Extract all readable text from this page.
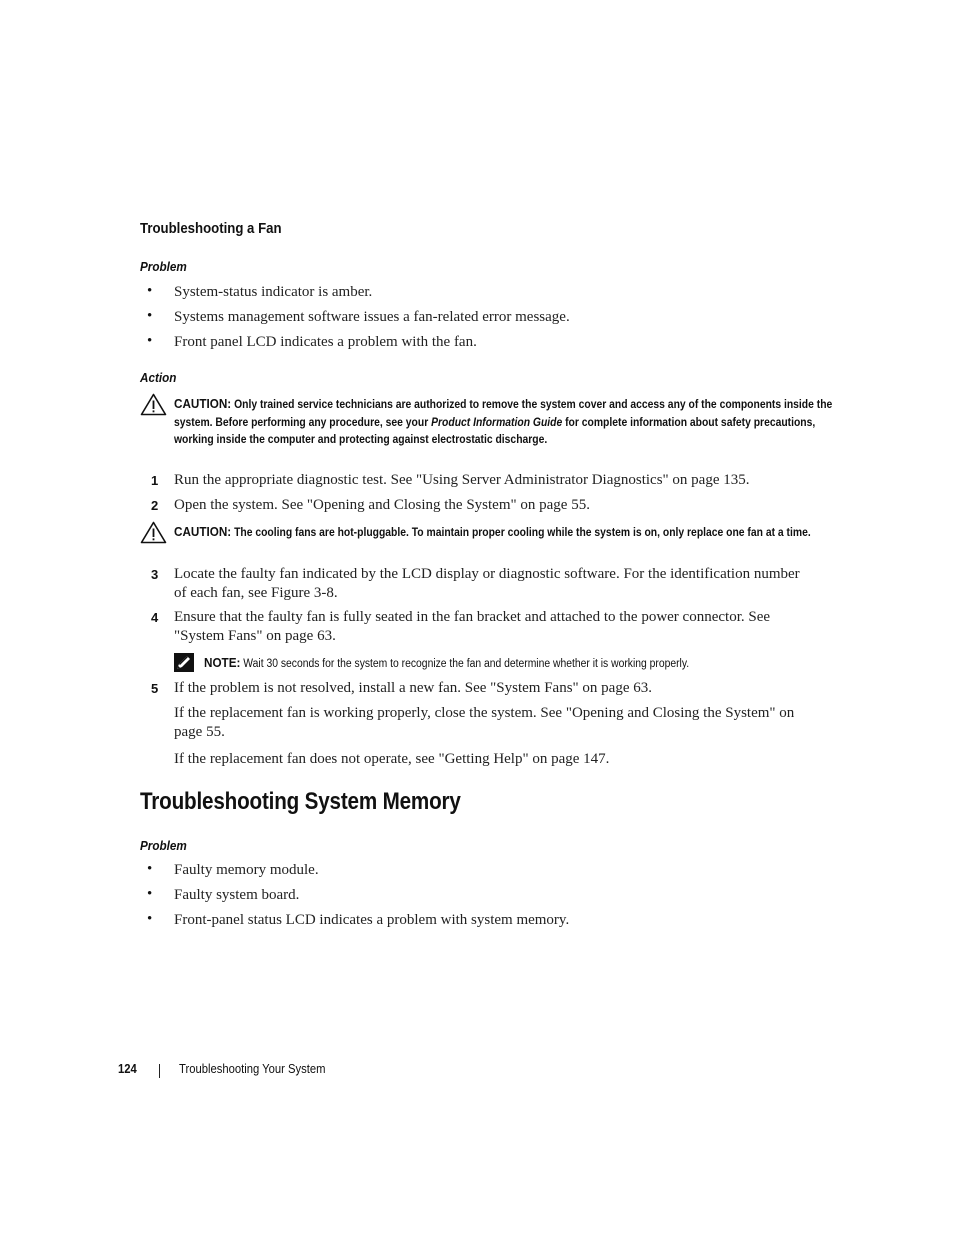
Troubleshooting a Fan
Problem
• System-status indicator is amber.
• Systems management software issues a fan-related error message.
• Front panel LCD indicates a problem with the fan.
Action
CAUTION: Only trained service technicians are authorized to remove the system cover and access any of the components inside the system. Before performing any procedure, see your Product Information Guide for complete information about safety precautions, working inside the computer and protecting against electrostatic discharge.
1 Run the appropriate diagnostic test. See "Using Server Administrator Diagnostics" on page 135.
2 Open the system. See "Opening and Closing the System" on page 55.
CAUTION: The cooling fans are hot-pluggable. To maintain proper cooling while the system is on, only replace one fan at a time.
3 Locate the faulty fan indicated by the LCD display or diagnostic software. For the identification number of each fan, see Figure 3-8.
4 Ensure that the faulty fan is fully seated in the fan bracket and attached to the power connector. See "System Fans" on page 63.
NOTE: Wait 30 seconds for the system to recognize the fan and determine whether it is working properly.
5 If the problem is not resolved, install a new fan. See "System Fans" on page 63.
If the replacement fan is working properly, close the system. See "Opening and Closing the System" on page 55.
If the replacement fan does not operate, see "Getting Help" on page 147.
Troubleshooting System Memory
Problem
• Faulty memory module.
• Faulty system board.
• Front-panel status LCD indicates a problem with system memory.
124	Troubleshooting Your System
